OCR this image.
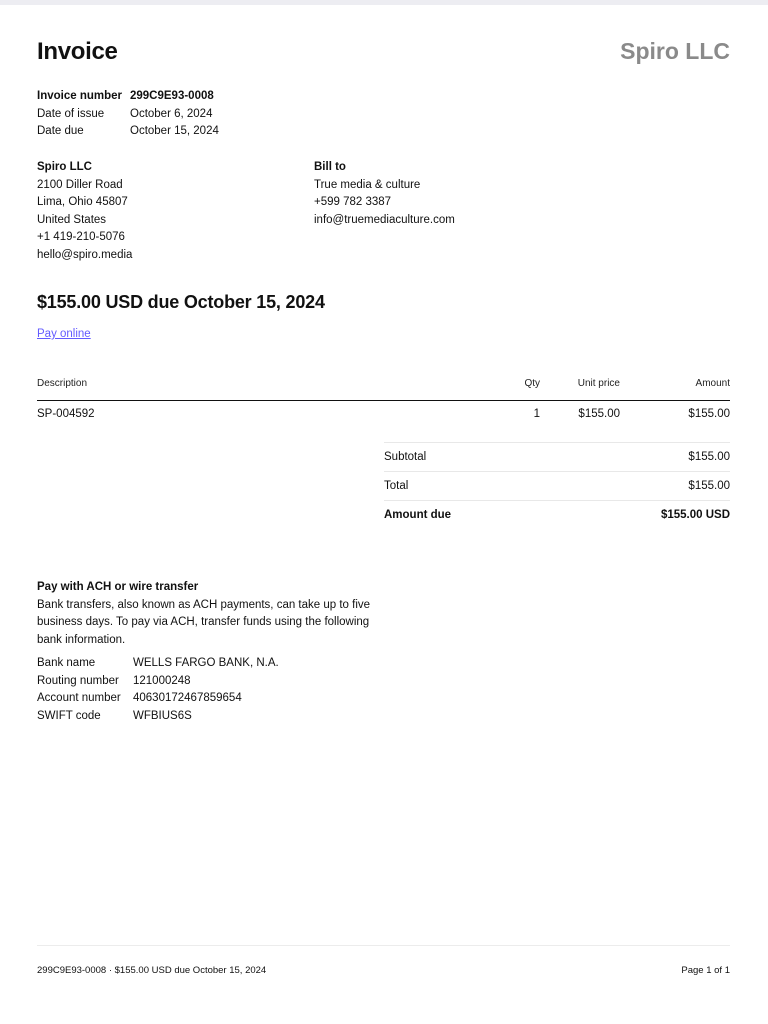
Invoice	Spiro LLC
Invoice number 299C9E93-0008
Date of issue	October 6, 2024
Date due	October 15, 2024
Spiro LLC
2100 Diller Road
Lima, Ohio 45807
United States
+1 419-210-5076
hello@spiro.media
Bill to
True media & culture
+599 782 3387
info@truemediaculture.com
$155.00 USD due October 15, 2024
Pay online
Description	Qty	Unit price	Amount
SP-004592	1	$155.00	$155.00
Subtotal	$155.00
Total	$155.00
Amount due	$155.00 USD
Pay with ACH or wire transfer
Bank transfers, also known as ACH payments, can take up to five business days. To pay via ACH, transfer funds using the following bank information.
Bank name	WELLS FARGO BANK, N.A.
Routing number	121000248
Account number	40630172467859654
SWIFT code	WFBIUS6S
299C9E93-0008 · $155.00 USD due October 15, 2024	Page 1 of 1
